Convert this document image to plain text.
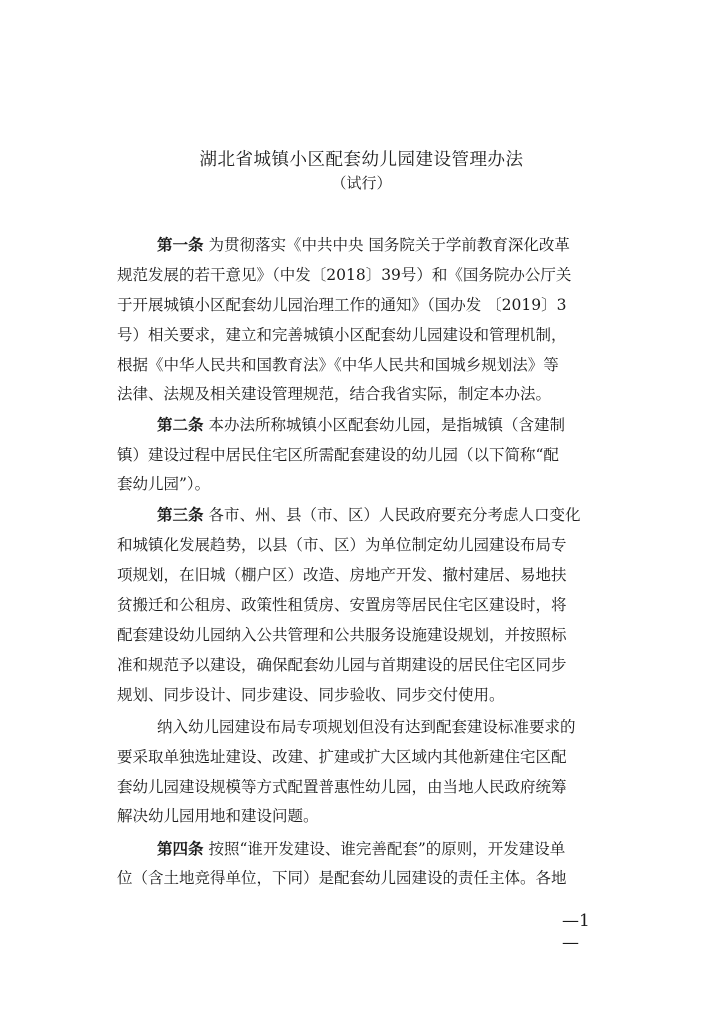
湖北省城镇小区配套幼儿园建设管理办法
（试行）
第一条 为贯彻落实《中共中央 国务院关于学前教育深化改革
规范发展的若干意见》（中发〔2018〕39号）和《国务院办公厅关
于开展城镇小区配套幼儿园治理工作的通知》（国办发 〔2019〕3
号）相关要求，建立和完善城镇小区配套幼儿园建设和管理机制，
根据《中华人民共和国教育法》《中华人民共和国城乡规划法》等
法律、法规及相关建设管理规范，结合我省实际，制定本办法。
第二条 本办法所称城镇小区配套幼儿园，是指城镇（含建制
镇）建设过程中居民住宅区所需配套建设的幼儿园（以下简称“配
套幼儿园”）。
第三条 各市、州、县（市、区）人民政府要充分考虑人口变化
和城镇化发展趋势，以县（市、区）为单位制定幼儿园建设布局专
项规划，在旧城（棚户区）改造、房地产开发、撤村建居、易地扶
贫搬迁和公租房、政策性租赁房、安置房等居民住宅区建设时，将
配套建设幼儿园纳入公共管理和公共服务设施建设规划，并按照标
准和规范予以建设，确保配套幼儿园与首期建设的居民住宅区同步
规划、同步设计、同步建设、同步验收、同步交付使用。
纳入幼儿园建设布局专项规划但没有达到配套建设标准要求的
要采取单独选址建设、改建、扩建或扩大区域内其他新建住宅区配
套幼儿园建设规模等方式配置普惠性幼儿园，由当地人民政府统筹
解决幼儿园用地和建设问题。
第四条 按照“谁开发建设、谁完善配套”的原则，开发建设单
位（含土地竞得单位，下同）是配套幼儿园建设的责任主体。各地
—1
—
